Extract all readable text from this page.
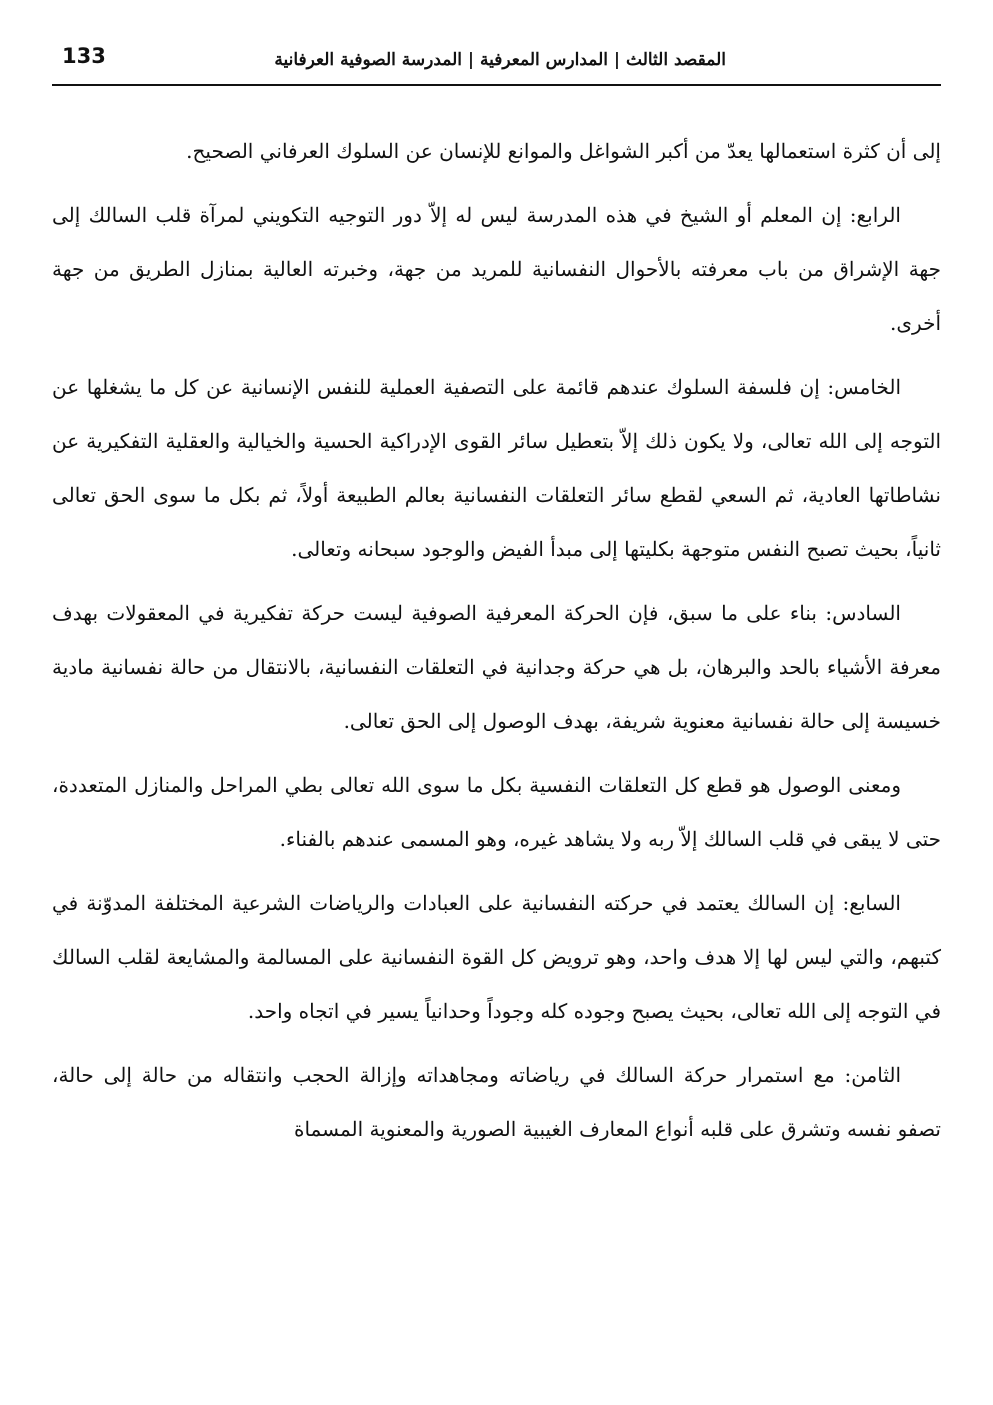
133	المقصد الثالث | المدارس المعرفية | المدرسة الصوفية العرفانية

إلى أن كثرة استعمالها يعدّ من أكبر الشواغل والموانع للإنسان عن السلوك العرفاني الصحيح.

الرابع: إن المعلم أو الشيخ في هذه المدرسة ليس له إلاّ دور التوجيه التكويني لمرآة قلب السالك إلى جهة الإشراق من باب معرفته بالأحوال النفسانية للمريد من جهة، وخبرته العالية بمنازل الطريق من جهة أخرى.

الخامس: إن فلسفة السلوك عندهم قائمة على التصفية العملية للنفس الإنسانية عن كل ما يشغلها عن التوجه إلى الله تعالى، ولا يكون ذلك إلاّ بتعطيل سائر القوى الإدراكية الحسية والخيالية والعقلية التفكيرية عن نشاطاتها العادية، ثم السعي لقطع سائر التعلقات النفسانية بعالم الطبيعة أولاً، ثم بكل ما سوى الحق تعالى ثانياً، بحيث تصبح النفس متوجهة بكليتها إلى مبدأ الفيض والوجود سبحانه وتعالى.

السادس: بناء على ما سبق، فإن الحركة المعرفية الصوفية ليست حركة تفكيرية في المعقولات بهدف معرفة الأشياء بالحد والبرهان، بل هي حركة وجدانية في التعلقات النفسانية، بالانتقال من حالة نفسانية مادية خسيسة إلى حالة نفسانية معنوية شريفة، بهدف الوصول إلى الحق تعالى.

ومعنى الوصول هو قطع كل التعلقات النفسية بكل ما سوى الله تعالى بطي المراحل والمنازل المتعددة، حتى لا يبقى في قلب السالك إلاّ ربه ولا يشاهد غيره، وهو المسمى عندهم بالفناء.

السابع: إن السالك يعتمد في حركته النفسانية على العبادات والرياضات الشرعية المختلفة المدوّنة في كتبهم، والتي ليس لها إلا هدف واحد، وهو ترويض كل القوة النفسانية على المسالمة والمشايعة لقلب السالك في التوجه إلى الله تعالى، بحيث يصبح وجوده كله وجوداً وحدانياً يسير في اتجاه واحد.

الثامن: مع استمرار حركة السالك في رياضاته ومجاهداته وإزالة الحجب وانتقاله من حالة إلى حالة، تصفو نفسه وتشرق على قلبه أنواع المعارف الغيبية الصورية والمعنوية المسماة
